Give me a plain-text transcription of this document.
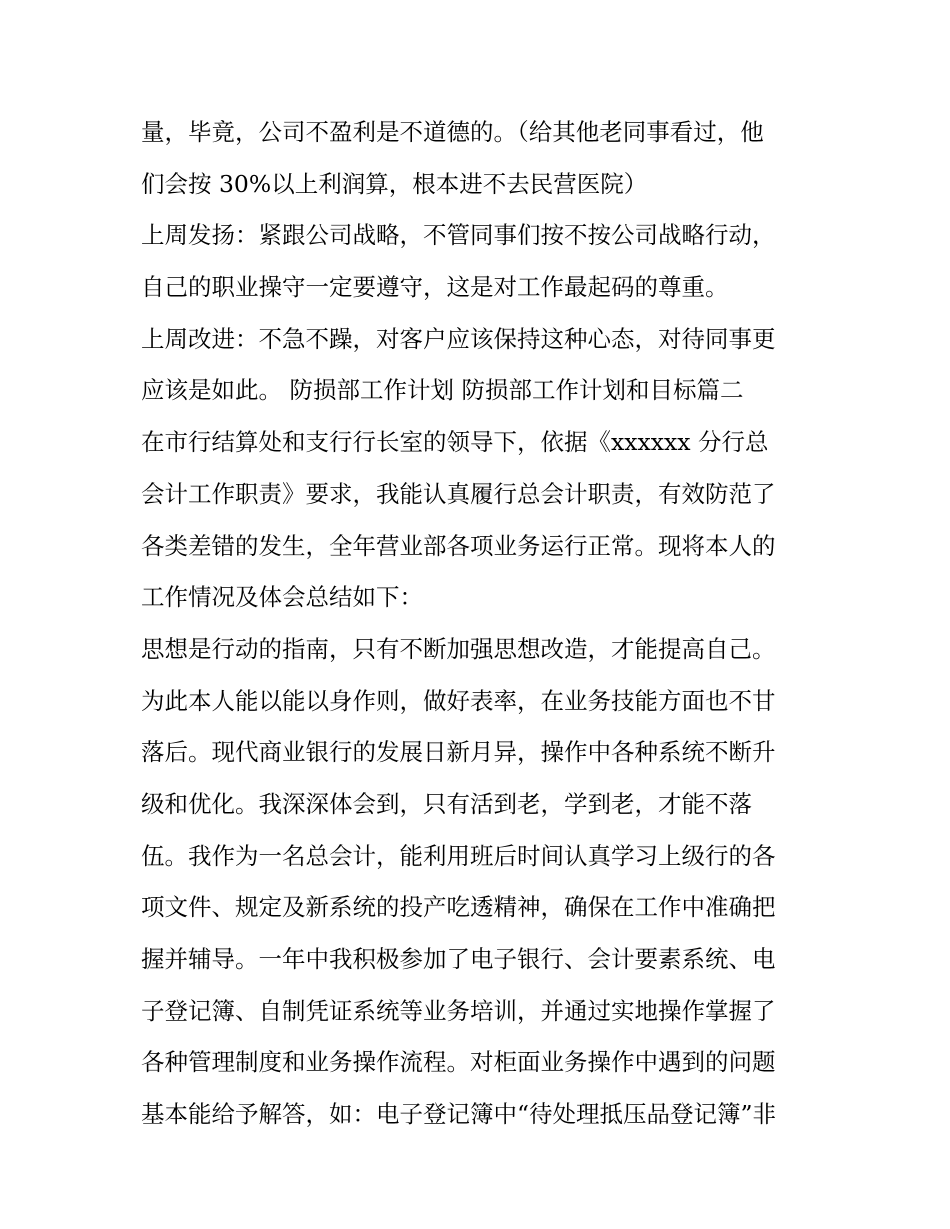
量，毕竟，公司不盈利是不道德的。（给其他老同事看过，他
们会按 30%以上利润算，根本进不去民营医院）
上周发扬：紧跟公司战略，不管同事们按不按公司战略行动，
自己的职业操守一定要遵守，这是对工作最起码的尊重。
上周改进：不急不躁，对客户应该保持这种心态，对待同事更
应该是如此。 防损部工作计划 防损部工作计划和目标篇二
在市行结算处和支行行长室的领导下，依据《xxxxxx 分行总
会计工作职责》要求，我能认真履行总会计职责，有效防范了
各类差错的发生，全年营业部各项业务运行正常。现将本人的
工作情况及体会总结如下：
思想是行动的指南，只有不断加强思想改造，才能提高自己。
为此本人能以能以身作则，做好表率，在业务技能方面也不甘
落后。现代商业银行的发展日新月异，操作中各种系统不断升
级和优化。我深深体会到，只有活到老，学到老，才能不落
伍。我作为一名总会计，能利用班后时间认真学习上级行的各
项文件、规定及新系统的投产吃透精神，确保在工作中准确把
握并辅导。一年中我积极参加了电子银行、会计要素系统、电
子登记簿、自制凭证系统等业务培训，并通过实地操作掌握了
各种管理制度和业务操作流程。对柜面业务操作中遇到的问题
基本能给予解答，如：电子登记簿中“待处理抵压品登记簿”非
